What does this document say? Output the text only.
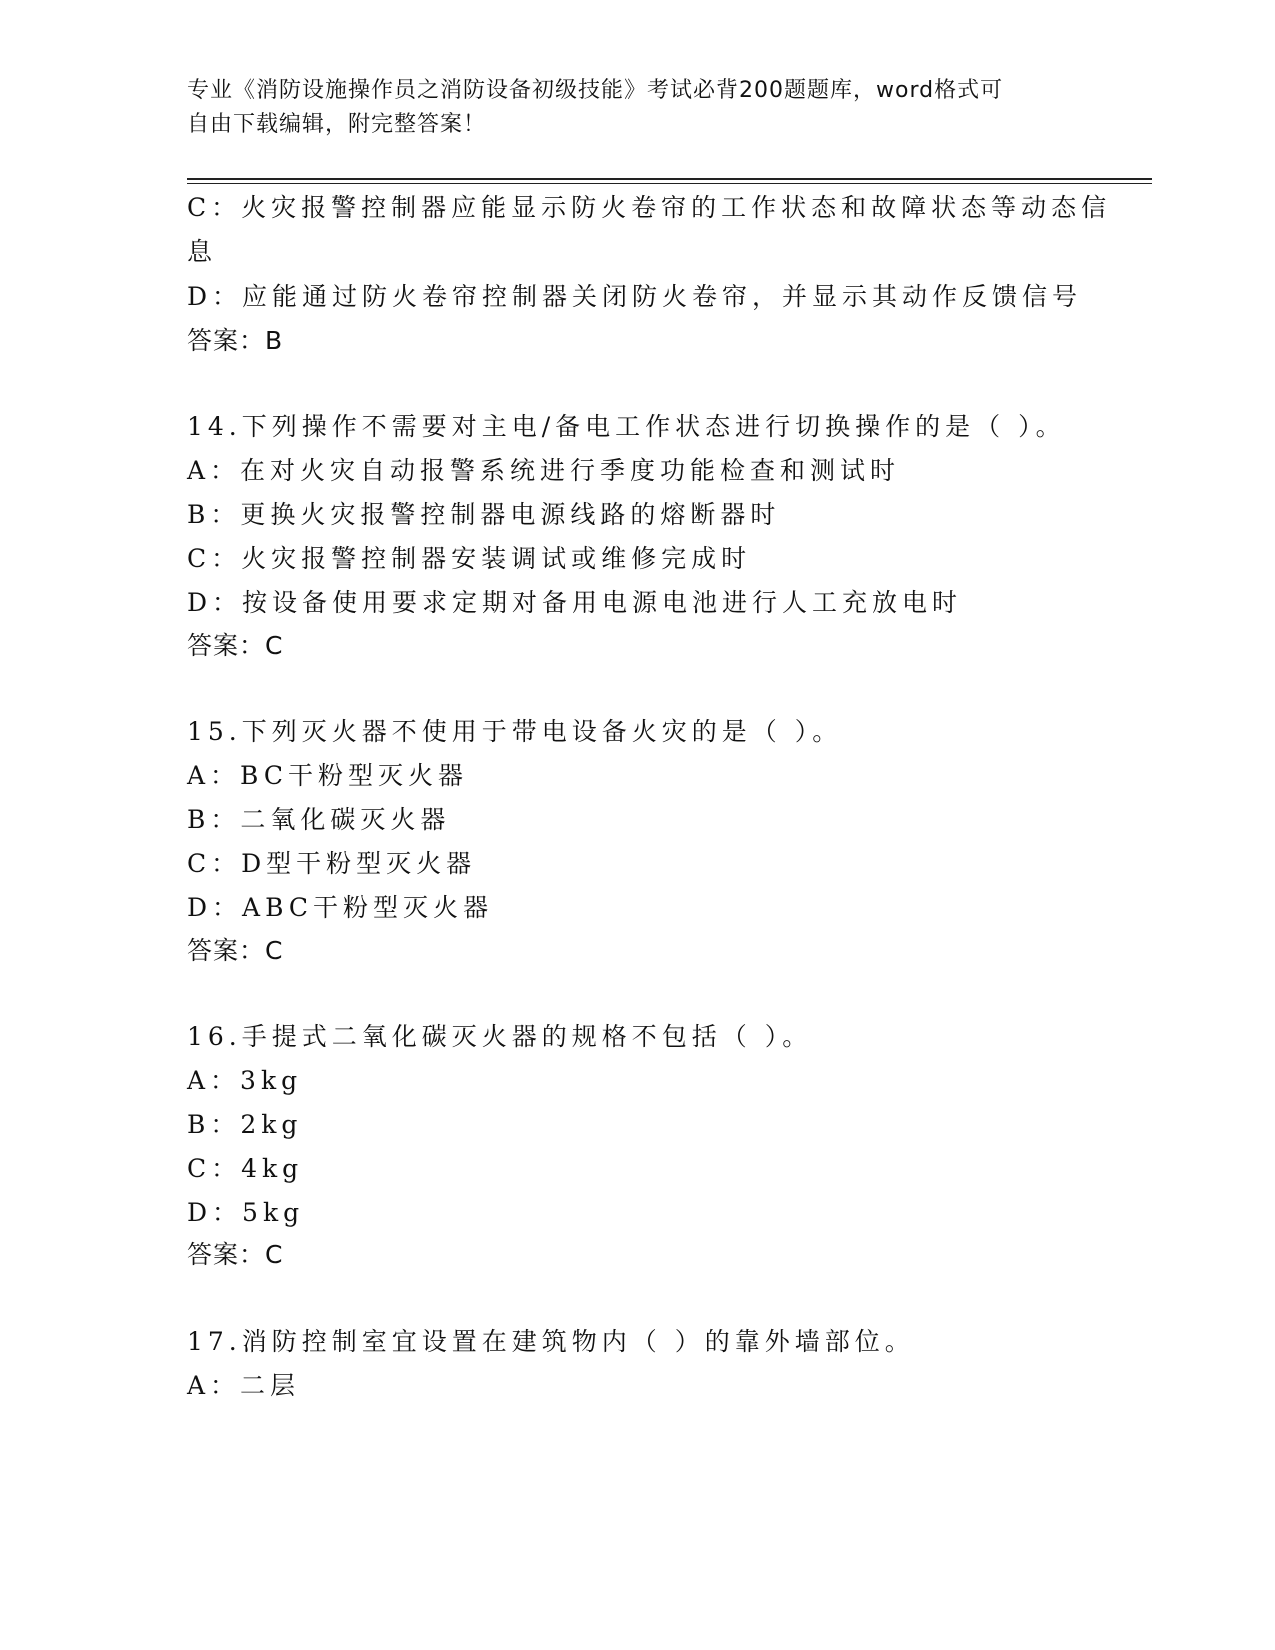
专业《消防设施操作员之消防设备初级技能》考试必背200题题库，word格式可
自由下载编辑，附完整答案！
C：火灾报警控制器应能显示防火卷帘的工作状态和故障状态等动态信
息
D：应能通过防火卷帘控制器关闭防火卷帘，并显示其动作反馈信号
答案：B
14.下列操作不需要对主电/备电工作状态进行切换操作的是（ ）。
A：在对火灾自动报警系统进行季度功能检查和测试时
B：更换火灾报警控制器电源线路的熔断器时
C：火灾报警控制器安装调试或维修完成时
D：按设备使用要求定期对备用电源电池进行人工充放电时
答案：C
15.下列灭火器不使用于带电设备火灾的是（ ）。
A：BC干粉型灭火器
B：二氧化碳灭火器
C：D型干粉型灭火器
D：ABC干粉型灭火器
答案：C
16.手提式二氧化碳灭火器的规格不包括（ ）。
A：3kg
B：2kg
C：4kg
D：5kg
答案：C
17.消防控制室宜设置在建筑物内（ ）的靠外墙部位。
A：二层
